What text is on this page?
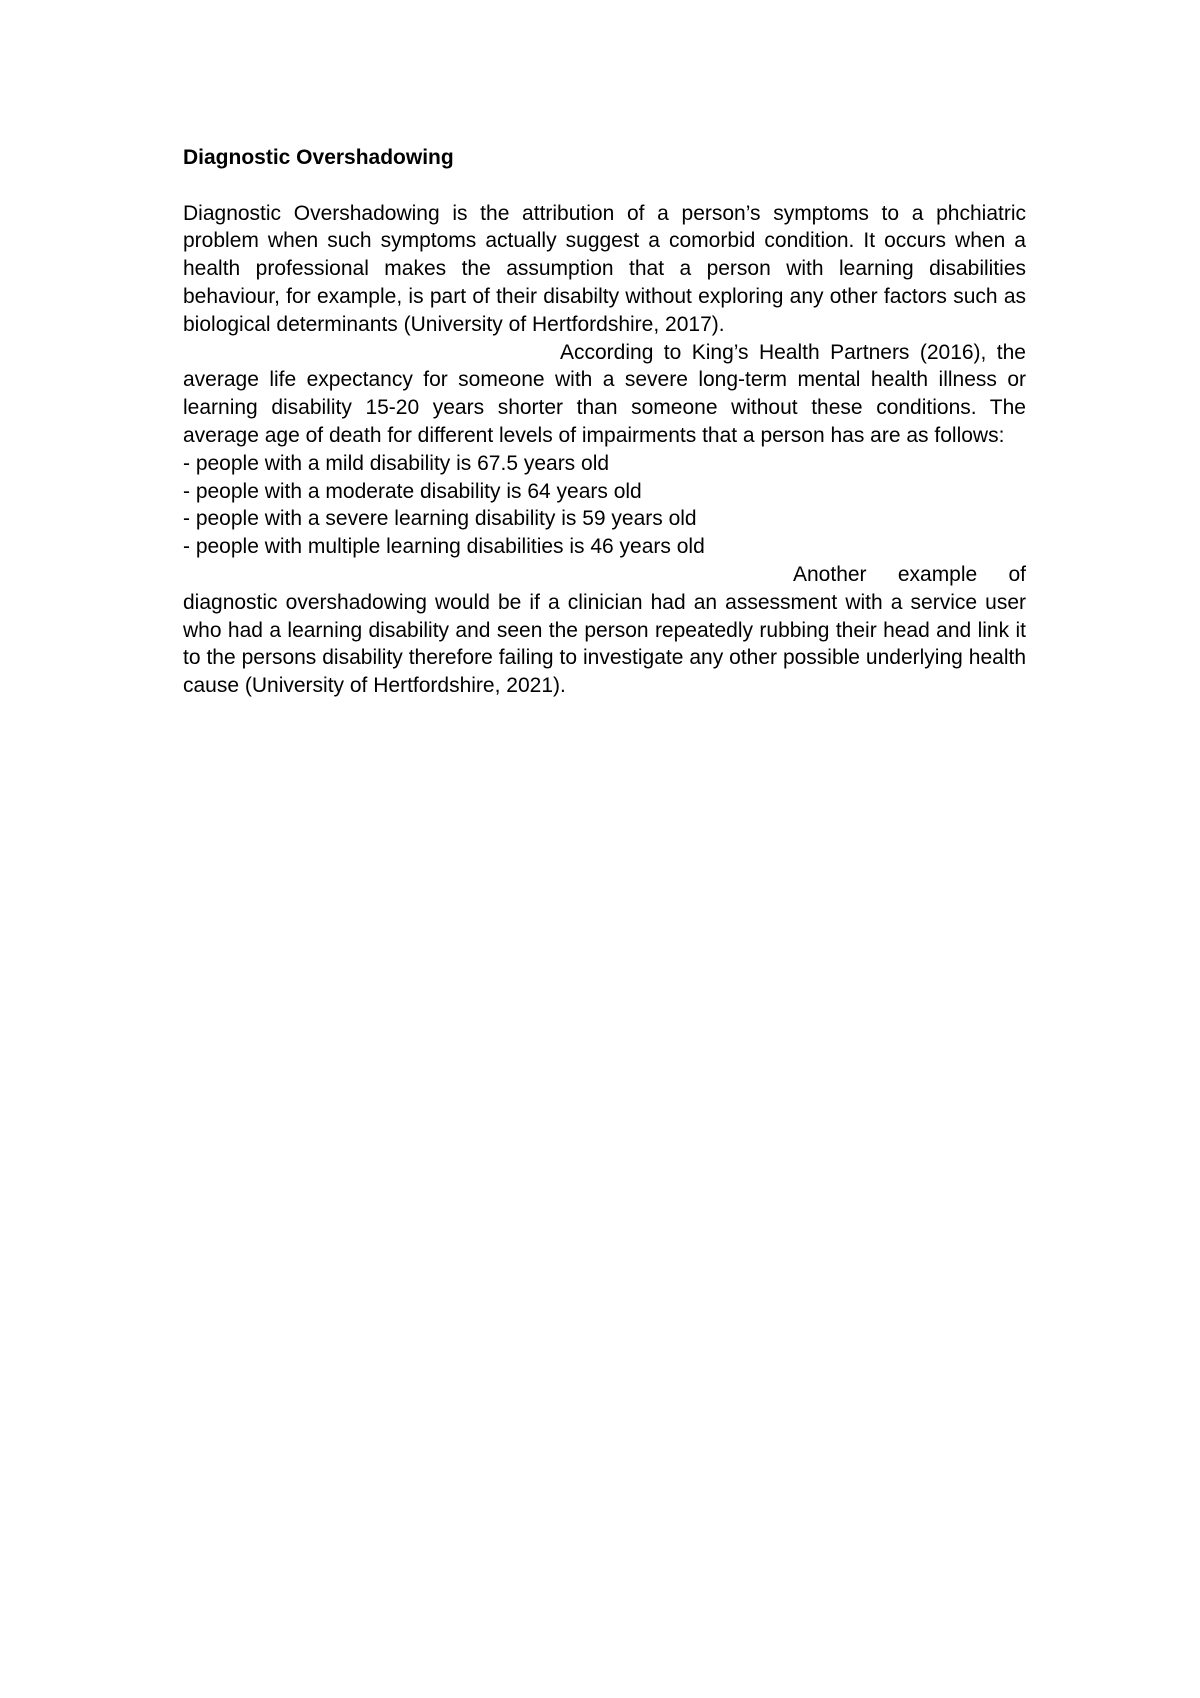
Diagnostic Overshadowing

Diagnostic Overshadowing is the attribution of a person’s symptoms to a phchiatric problem when such symptoms actually suggest a comorbid condition. It occurs when a health professional makes the assumption that a person with learning disabilities behaviour, for example, is part of their disabilty without exploring any other factors such as biological determinants (University of Hertfordshire, 2017).

According to King’s Health Partners (2016), the average life expectancy for someone with a severe long-term mental health illness or learning disability 15-20 years shorter than someone without these conditions. The average age of death for different levels of impairments that a person has are as follows:

- people with a mild disability is 67.5 years old
- people with a moderate disability is 64 years old
- people with a severe learning disability is 59 years old
- people with multiple learning disabilities is 46 years old

Another example of diagnostic overshadowing would be if a clinician had an assessment with a service user who had a learning disability and seen the person repeatedly rubbing their head and link it to the persons disability therefore failing to investigate any other possible underlying health cause (University of Hertfordshire, 2021).
